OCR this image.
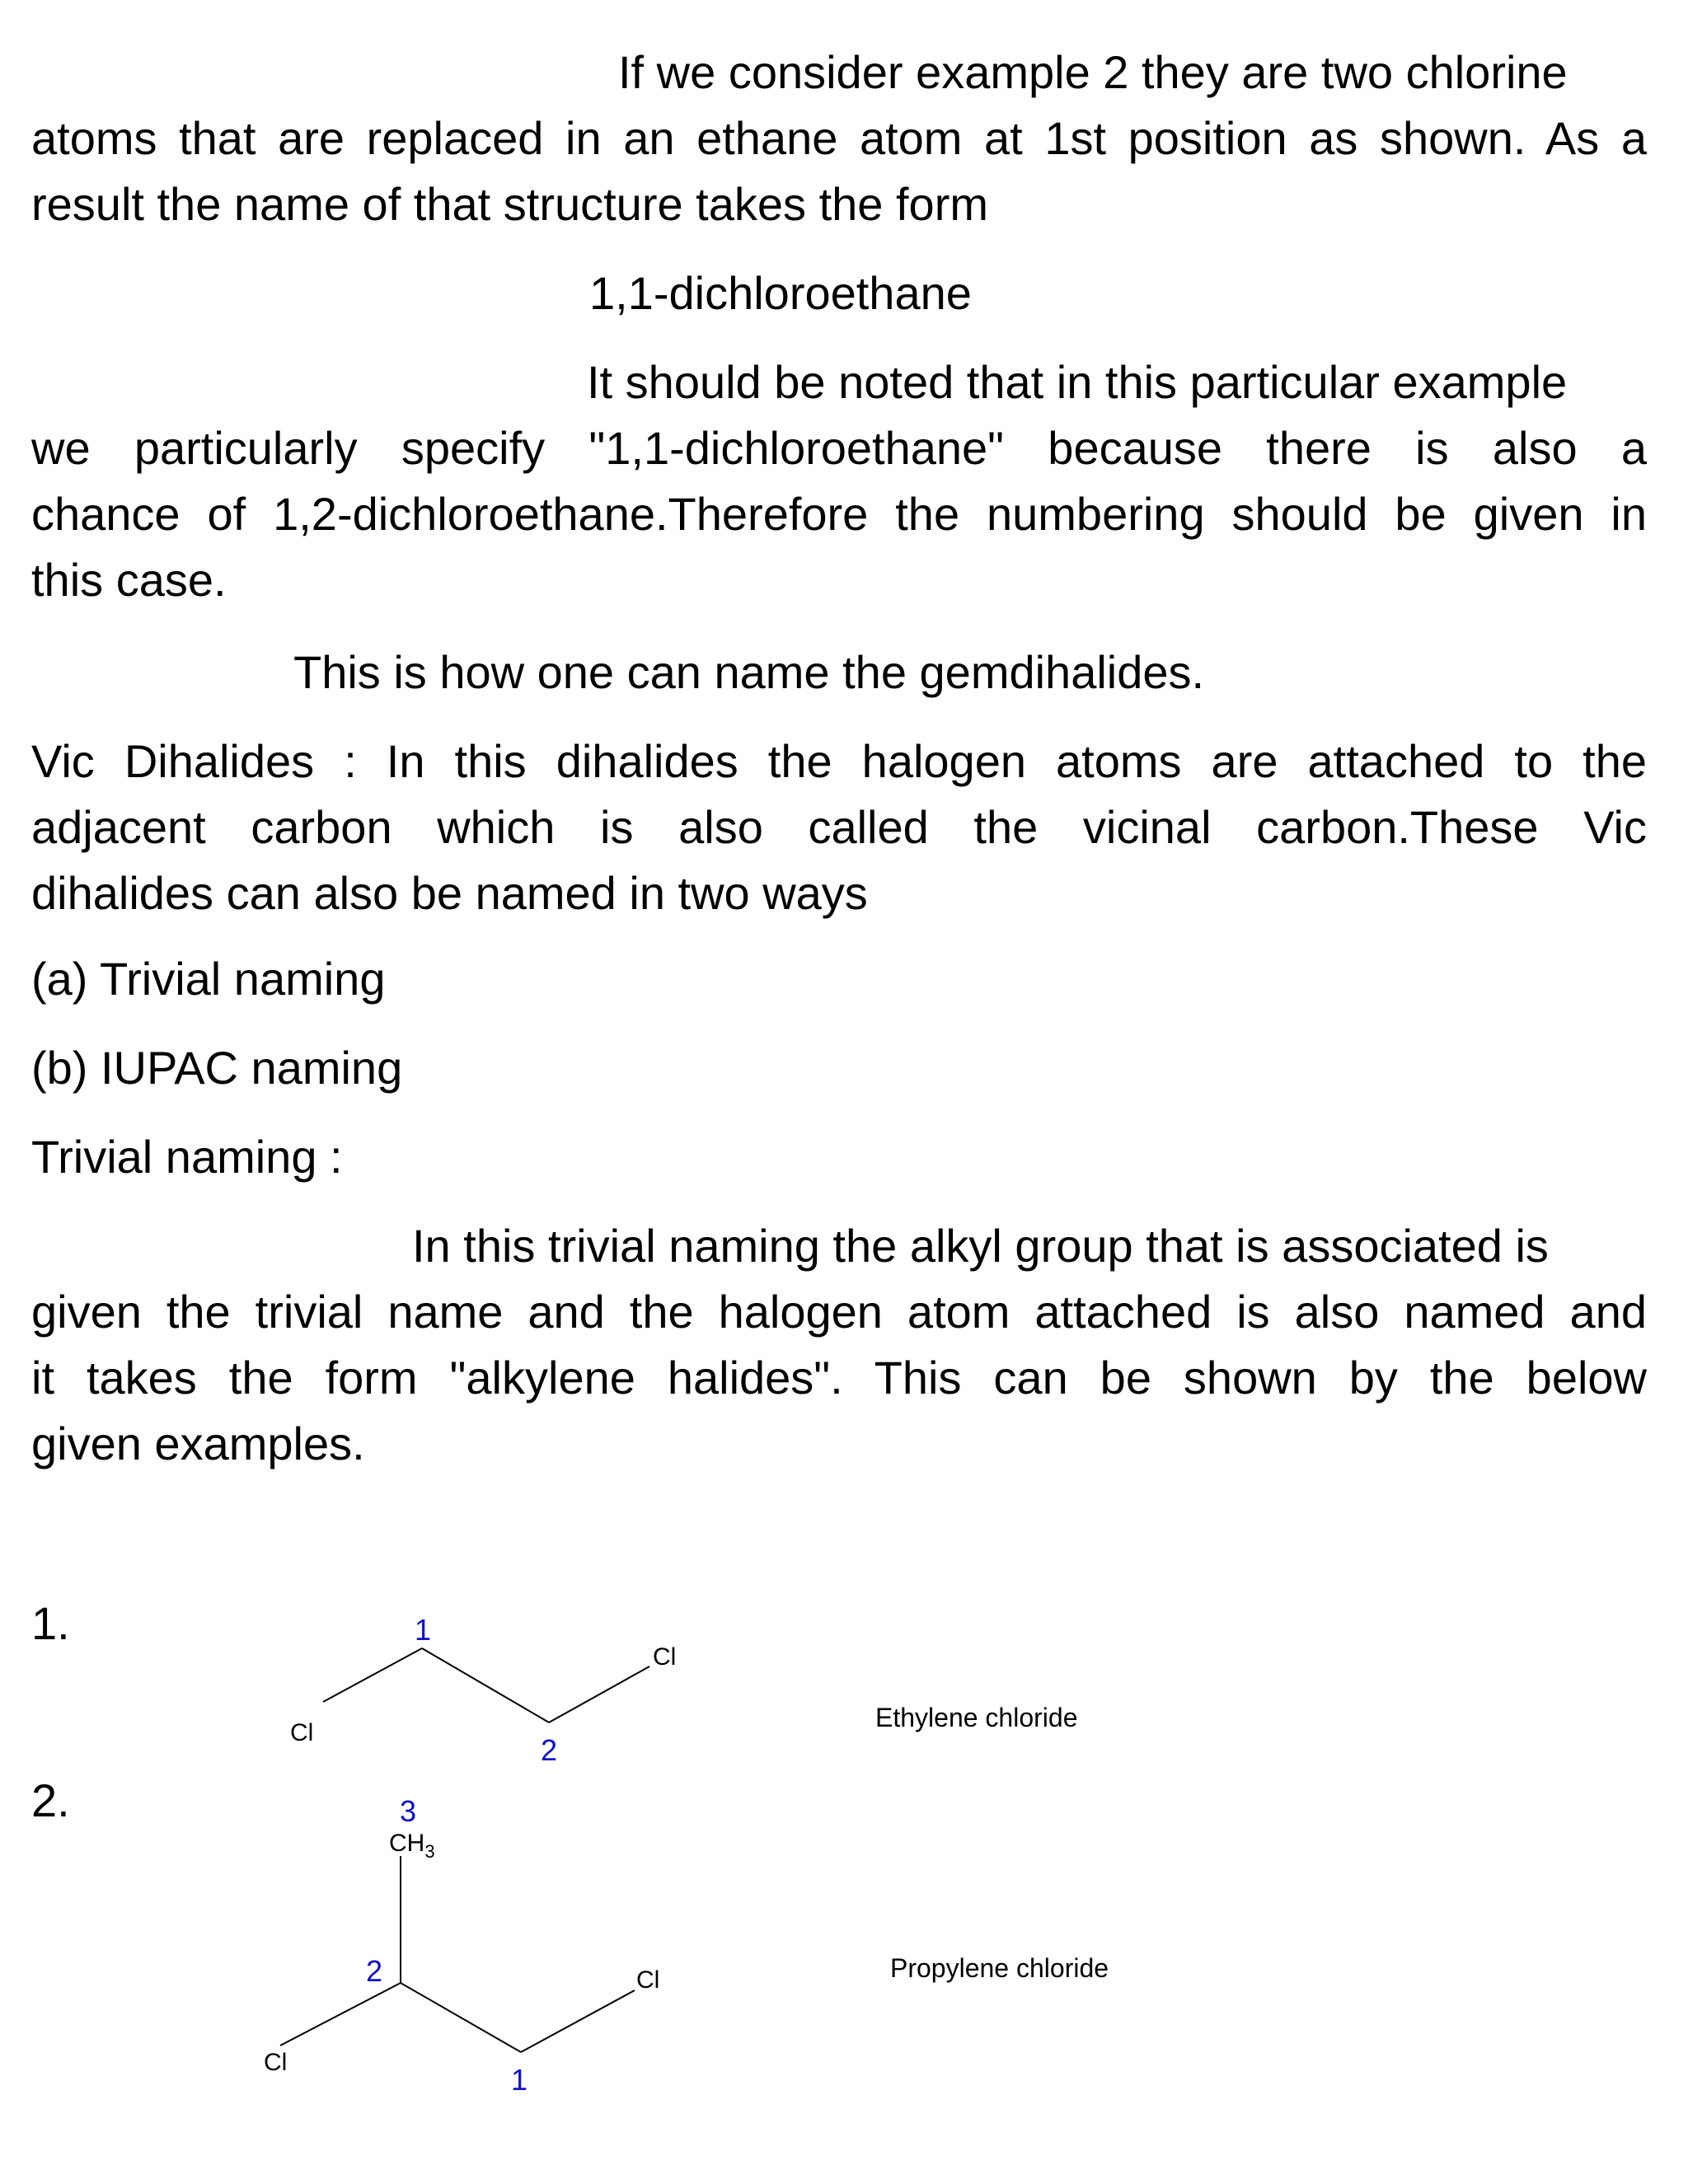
If we consider example 2 they are two chlorine
atoms that are replaced in an ethane atom at 1st position as shown. As a
result the name of that structure takes the form
1,1-dichloroethane
It should be noted that in this particular example
we particularly specify "1,1-dichloroethane" because there is also a
chance of 1,2-dichloroethane.Therefore the numbering should be given in
this case.
This is how one can name the gemdihalides.
Vic Dihalides : In this dihalides the halogen atoms are attached to the
adjacent carbon which is also called the vicinal carbon.These Vic
dihalides can also be named in two ways
(a) Trivial naming
(b) IUPAC naming
Trivial naming :
In this trivial naming the alkyl group that is associated is
given the trivial name and the halogen atom attached is also named and
it takes the form "alkylene halides". This can be shown by the below
given examples.
1.
Cl
Cl
1
2
Ethylene chloride
2.
$CH_3$
Cl
Cl
3
2
1
Propylene chloride
